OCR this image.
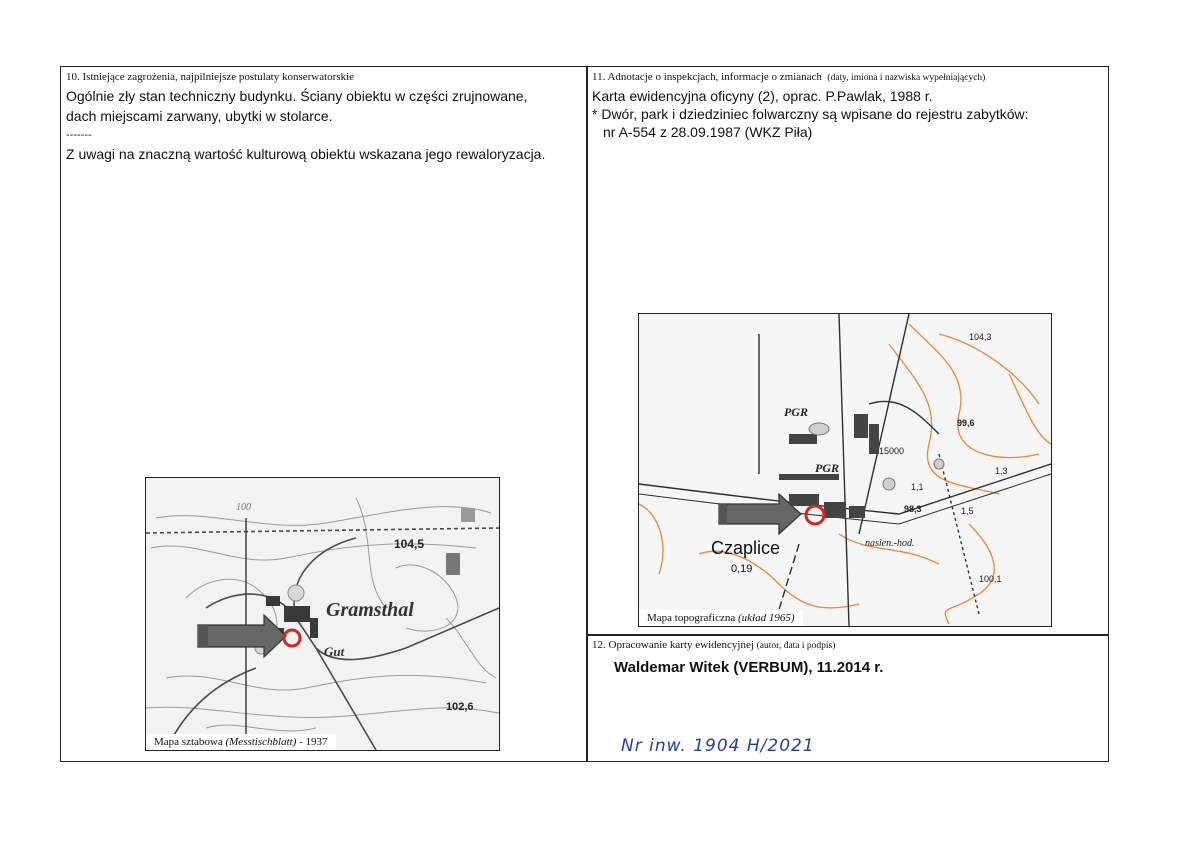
10. Istniejące zagrożenia, najpilniejsze postulaty konserwatorskie
Ogólnie zły stan techniczny budynku. Ściany obiektu w części zrujnowane,
dach miejscami zarwany, ubytki w stolarce.
-------
Z uwagi na znaczną wartość kulturową obiektu wskazana jego rewaloryzacja.
Gramsthal
Gut
104,5
102,6
100
Mapa sztabowa (Messtischblatt) - 1937
11. Adnotacje o inspekcjach, informacje o zmianach (daty, imiona i nazwiska wypełniających)
Karta ewidencyjna oficyny (2), oprac. P.Pawlak, 1988 r.
* Dwór, park i dziedziniec folwarczny są wpisane do rejestru zabytków:
nr A-554 z 28.09.1987 (WKZ Piła)
Czaplice
0,19
PGR
PGR
nasien.-hod.
104,3
99,6
15000
98,3
100,1
1,3
1,5
1,1
Mapa topograficzna (układ 1965)
12. Opracowanie karty ewidencyjnej (autor, data i podpis)
Waldemar Witek (VERBUM), 11.2014 r.
Nr inw. 1904 H/2021
